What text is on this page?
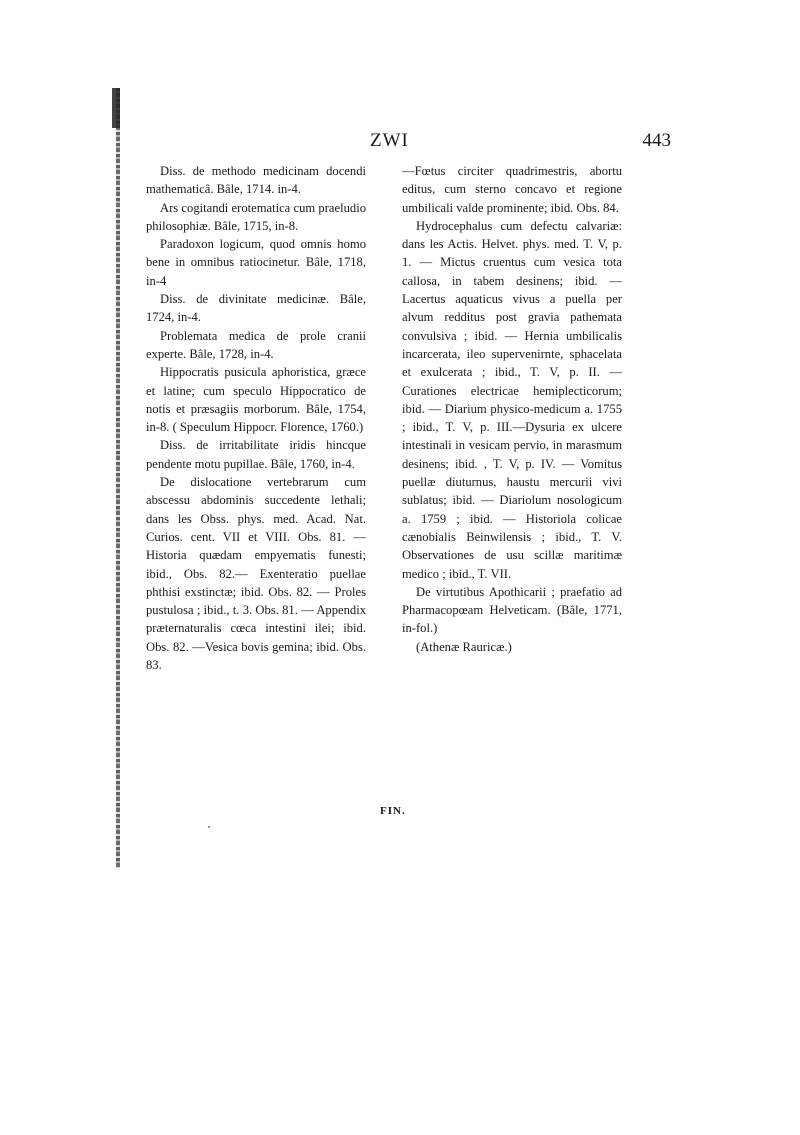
ZWI	443

Diss. de methodo medicinam docendi mathematicâ. Bâle, 1714. in-4.

Ars cogitandi erotematica cum praeludio philosophiæ. Bâle, 1715, in-8.

Paradoxon logicum, quod omnis homo bene in omnibus ratiocinetur. Bâle, 1718, in-4

Diss. de divinitate medicinæ. Bâle, 1724, in-4.

Problemata medica de prole cranii experte. Bâle, 1728, in-4.

Hippocratis pusicula aphoristica, græce et latine; cum speculo Hippocratico de notis et præsagiis morborum. Bâle, 1754, in-8. ( Speculum Hippocr. Florence, 1760.)

Diss. de irritabilitate iridis hincque pendente motu pupillae. Bâle, 1760, in-4.

De dislocatione vertebrarum cum abscessu abdominis succedente lethali; dans les Obss. phys. med. Acad. Nat. Curios. cent. VII et VIII. Obs. 81. — Historia quædam empyematis funesti; ibid., Obs. 82.— Exenteratio puellae phthisi exstinctæ; ibid. Obs. 82. — Proles pustulosa ; ibid., t. 3. Obs. 81. — Appendix præternaturalis cœca intestini ilei; ibid. Obs. 82. —Vesica bovis gemina; ibid. Obs. 83.

—Fœtus circiter quadrimestris, abortu editus, cum sterno concavo et regione umbilicali valde prominente; ibid. Obs. 84.

Hydrocephalus cum defectu calvariæ: dans les Actis. Helvet. phys. med. T. V, p. 1. — Mictus cruentus cum vesica tota callosa, in tabem desinens; ibid. — Lacertus aquaticus vivus a puella per alvum redditus post gravia pathemata convulsiva ; ibid. — Hernia umbilicalis incarcerata, ileo supervenirnte, sphacelata et exulcerata ; ibid., T. V, p. II. — Curationes electricae hemiplecticorum; ibid. — Diarium physico-medicum a. 1755 ; ibid., T. V, p. III.—Dysuria ex ulcere intestinali in vesicam pervio, in marasmum desinens; ibid. , T. V, p. IV. — Vomitus puellæ diuturnus, haustu mercurii vivi sublatus; ibid. — Diariolum nosologicum a. 1759 ; ibid. — Historiola colicae cænobialis Beinwilensis ; ibid., T. V. Observationes de usu scillæ maritimæ medico ; ibid., T. VII.

De virtutibus Apothicarii ; praefatio ad Pharmacopœam Helveticam. (Bâle, 1771, in-fol.)

(Athenæ Rauricæ.)

FIN.
